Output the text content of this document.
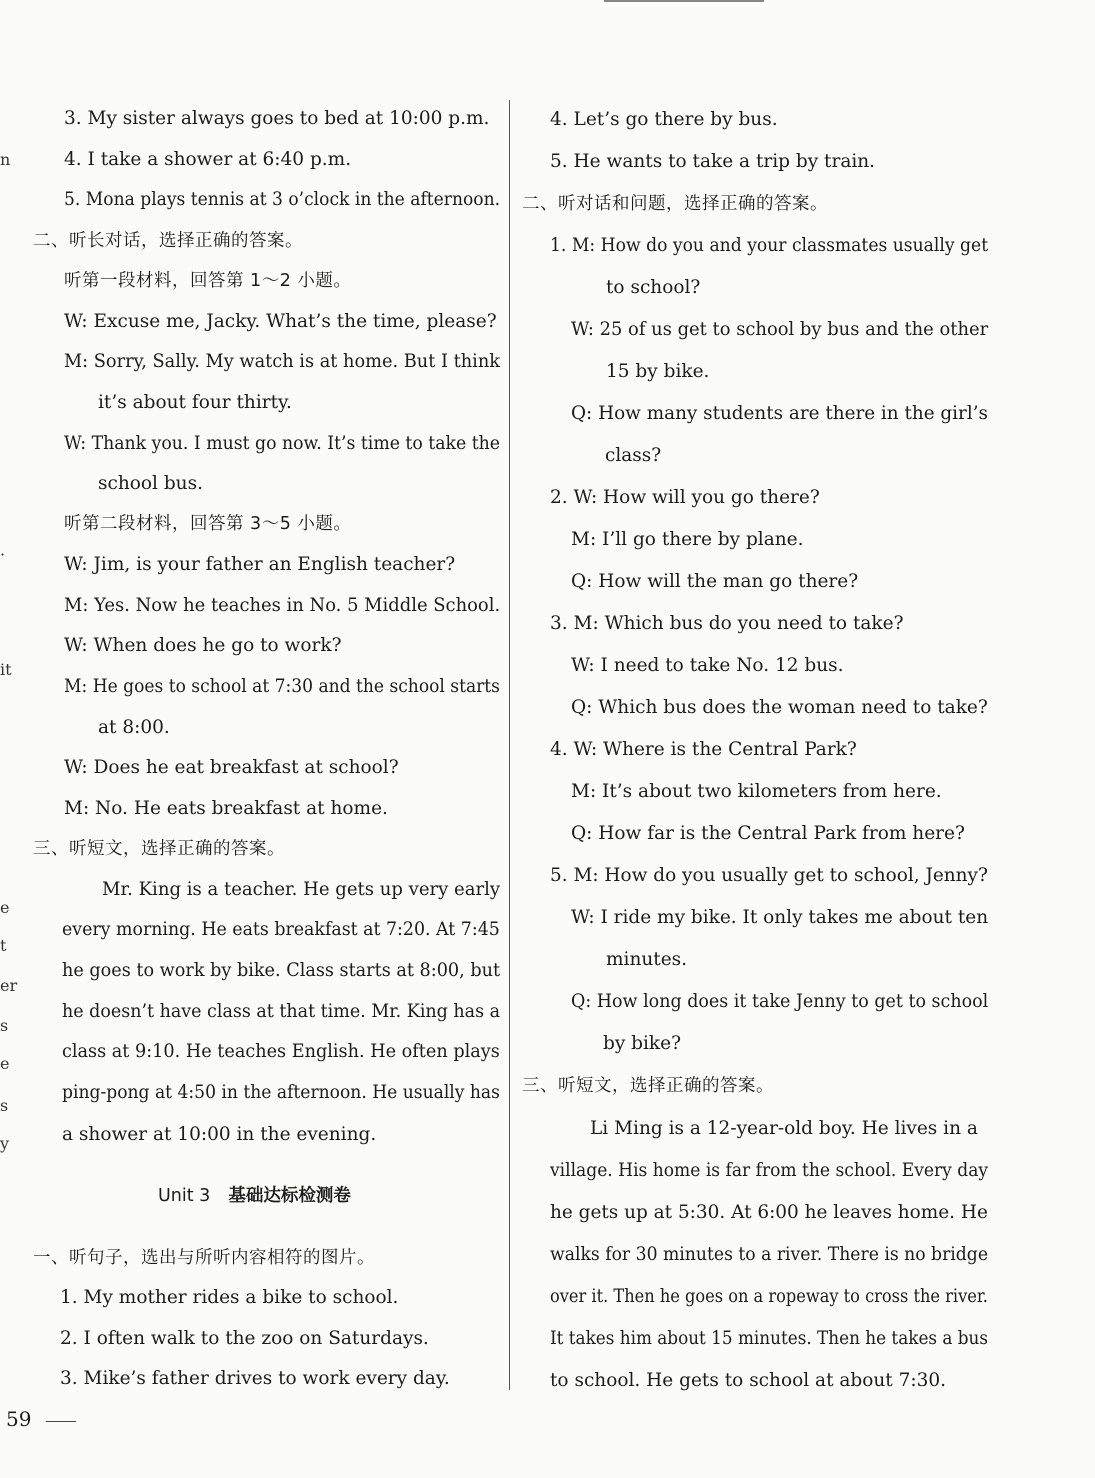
n
·
it
e
t
er
s
e
s
y
3. My sister always goes to bed at 10:00 p.m.
4. I take a shower at 6:40 p.m.
5. Mona plays tennis at 3 o’clock in the afternoon.
二、听长对话，选择正确的答案。
听第一段材料，回答第 1～2 小题。
W: Excuse me, Jacky. What’s the time, please?
M: Sorry, Sally. My watch is at home. But I think
it’s about four thirty.
W: Thank you. I must go now. It’s time to take the
school bus.
听第二段材料，回答第 3～5 小题。
W: Jim, is your father an English teacher?
M: Yes. Now he teaches in No. 5 Middle School.
W: When does he go to work?
M: He goes to school at 7:30 and the school starts
at 8:00.
W: Does he eat breakfast at school?
M: No. He eats breakfast at home.
三、听短文，选择正确的答案。
Mr. King is a teacher. He gets up very early
every morning. He eats breakfast at 7:20. At 7:45
he goes to work by bike. Class starts at 8:00, but
he doesn’t have class at that time. Mr. King has a
class at 9:10. He teaches English. He often plays
ping-pong at 4:50 in the afternoon. He usually has
a shower at 10:00 in the evening.
Unit 3 基础达标检测卷
一、听句子，选出与所听内容相符的图片。
1. My mother rides a bike to school.
2. I often walk to the zoo on Saturdays.
3. Mike’s father drives to work every day.
4. Let’s go there by bus.
5. He wants to take a trip by train.
二、听对话和问题，选择正确的答案。
1. M: How do you and your classmates usually get
to school?
W: 25 of us get to school by bus and the other
15 by bike.
Q: How many students are there in the girl’s
class?
2. W: How will you go there?
M: I’ll go there by plane.
Q: How will the man go there?
3. M: Which bus do you need to take?
W: I need to take No. 12 bus.
Q: Which bus does the woman need to take?
4. W: Where is the Central Park?
M: It’s about two kilometers from here.
Q: How far is the Central Park from here?
5. M: How do you usually get to school, Jenny?
W: I ride my bike. It only takes me about ten
minutes.
Q: How long does it take Jenny to get to school
by bike?
三、听短文，选择正确的答案。
Li Ming is a 12-year-old boy. He lives in a
village. His home is far from the school. Every day
he gets up at 5:30. At 6:00 he leaves home. He
walks for 30 minutes to a river. There is no bridge
over it. Then he goes on a ropeway to cross the river.
It takes him about 15 minutes. Then he takes a bus
to school. He gets to school at about 7:30.
59
